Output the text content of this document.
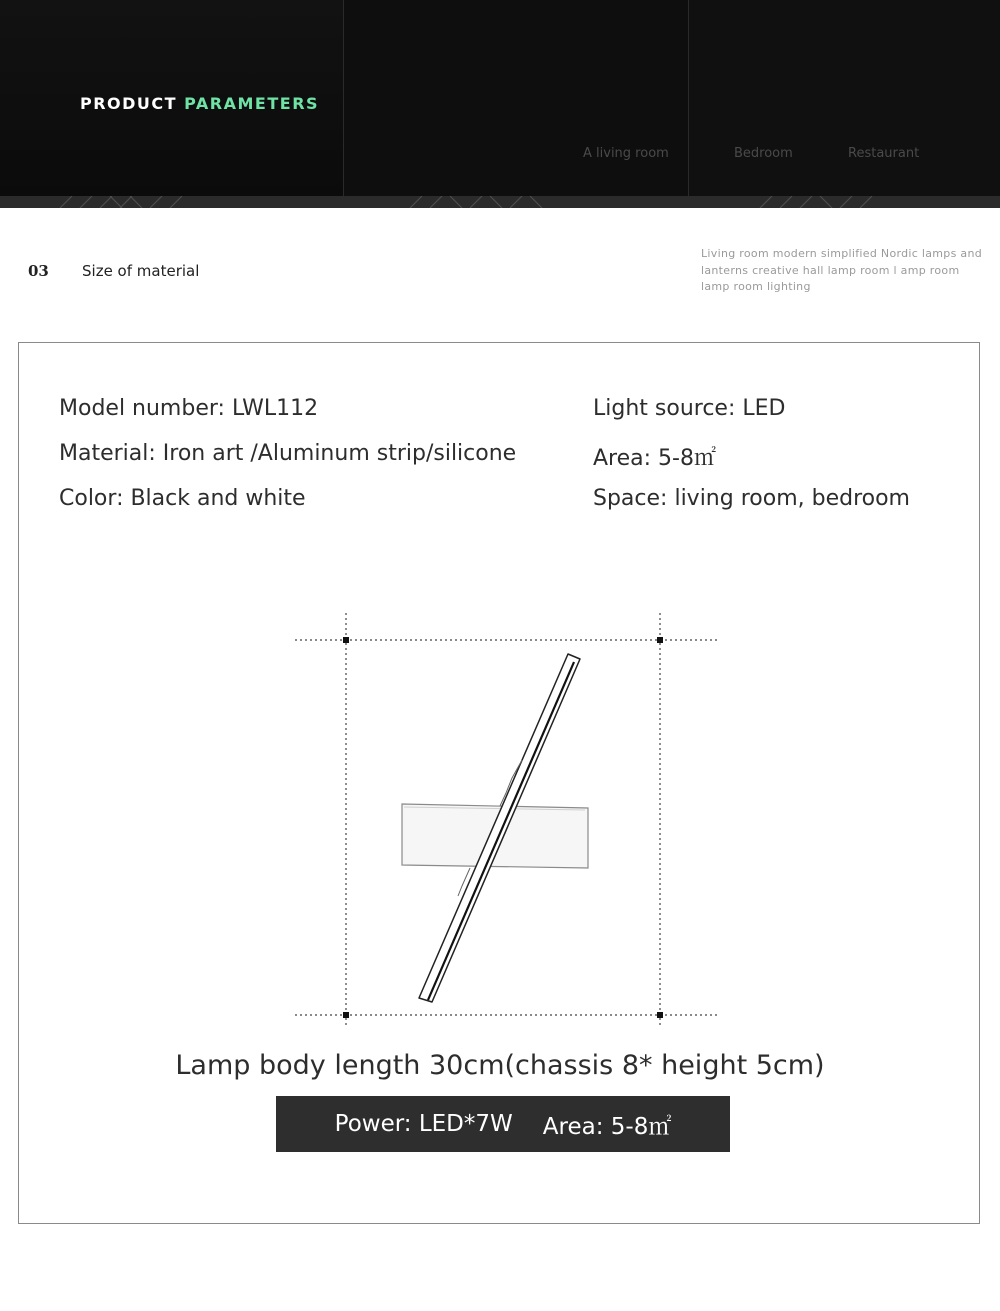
PRODUCT PARAMETERS
A living room	Bedroom	Restaurant
03 Size of material
Living room modern simplified Nordic lamps and lanterns creative hall lamp room l amp room lamp room lighting
Model number : LWL112
Material : Iron art /Aluminum strip/silicone
Color : Black and white
Light source : LED
Area : 5-8㎡
Space : living room, bedroom
Lamp body length 30cm(chassis 8* height 5cm)
Power: LED*7W Area: 5-8㎡
